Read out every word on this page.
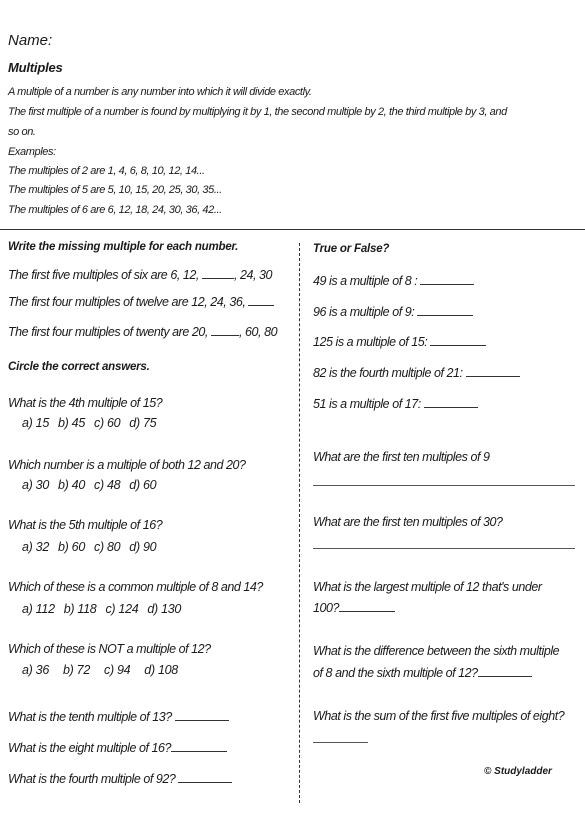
Name:
Multiples
A multiple of a number is any number into which it will divide exactly.
The first multiple of a number is found by multiplying it by 1, the second multiple by 2, the third multiple by 3, and
so on.
Examples:
The multiples of 2 are 1, 4, 6, 8, 10, 12, 14...
The multiples of 5 are 5, 10, 15, 20, 25, 30, 35...
The multiples of 6 are 6, 12, 18, 24, 30, 36, 42...
Write the missing multiple for each number.
The first five multiples of six are 6, 12,	, 24, 30
The first four multiples of twelve are 12, 24, 36,
The first four multiples of twenty are 20, , 60, 80
Circle the correct answers.
What is the 4th multiple of 15?
a) 15 b) 45 c) 60 d) 75
Which number is a multiple of both 12 and 20?
a) 30 b) 40 c) 48 d) 60
What is the 5th multiple of 16?
a) 32 b) 60 c) 80 d) 90
Which of these is a common multiple of 8 and 14?
a) 112 b) 118 c) 124 d) 130
Which of these is NOT a multiple of 12?
a) 36 b) 72 c) 94 d) 108
What is the tenth multiple of 13?
What is the eight multiple of 16?
What is the fourth multiple of 92?
True or False?
49 is a multiple of 8 :
96 is a multiple of 9:
125 is a multiple of 15:
82 is the fourth multiple of 21:
51 is a multiple of 17:
What are the first ten multiples of 9
What are the first ten multiples of 30?
What is the largest multiple of 12 that's under
100?
What is the difference between the sixth multiple
of 8 and the sixth multiple of 12?
What is the sum of the first five multiples of eight?
© Studyladder
